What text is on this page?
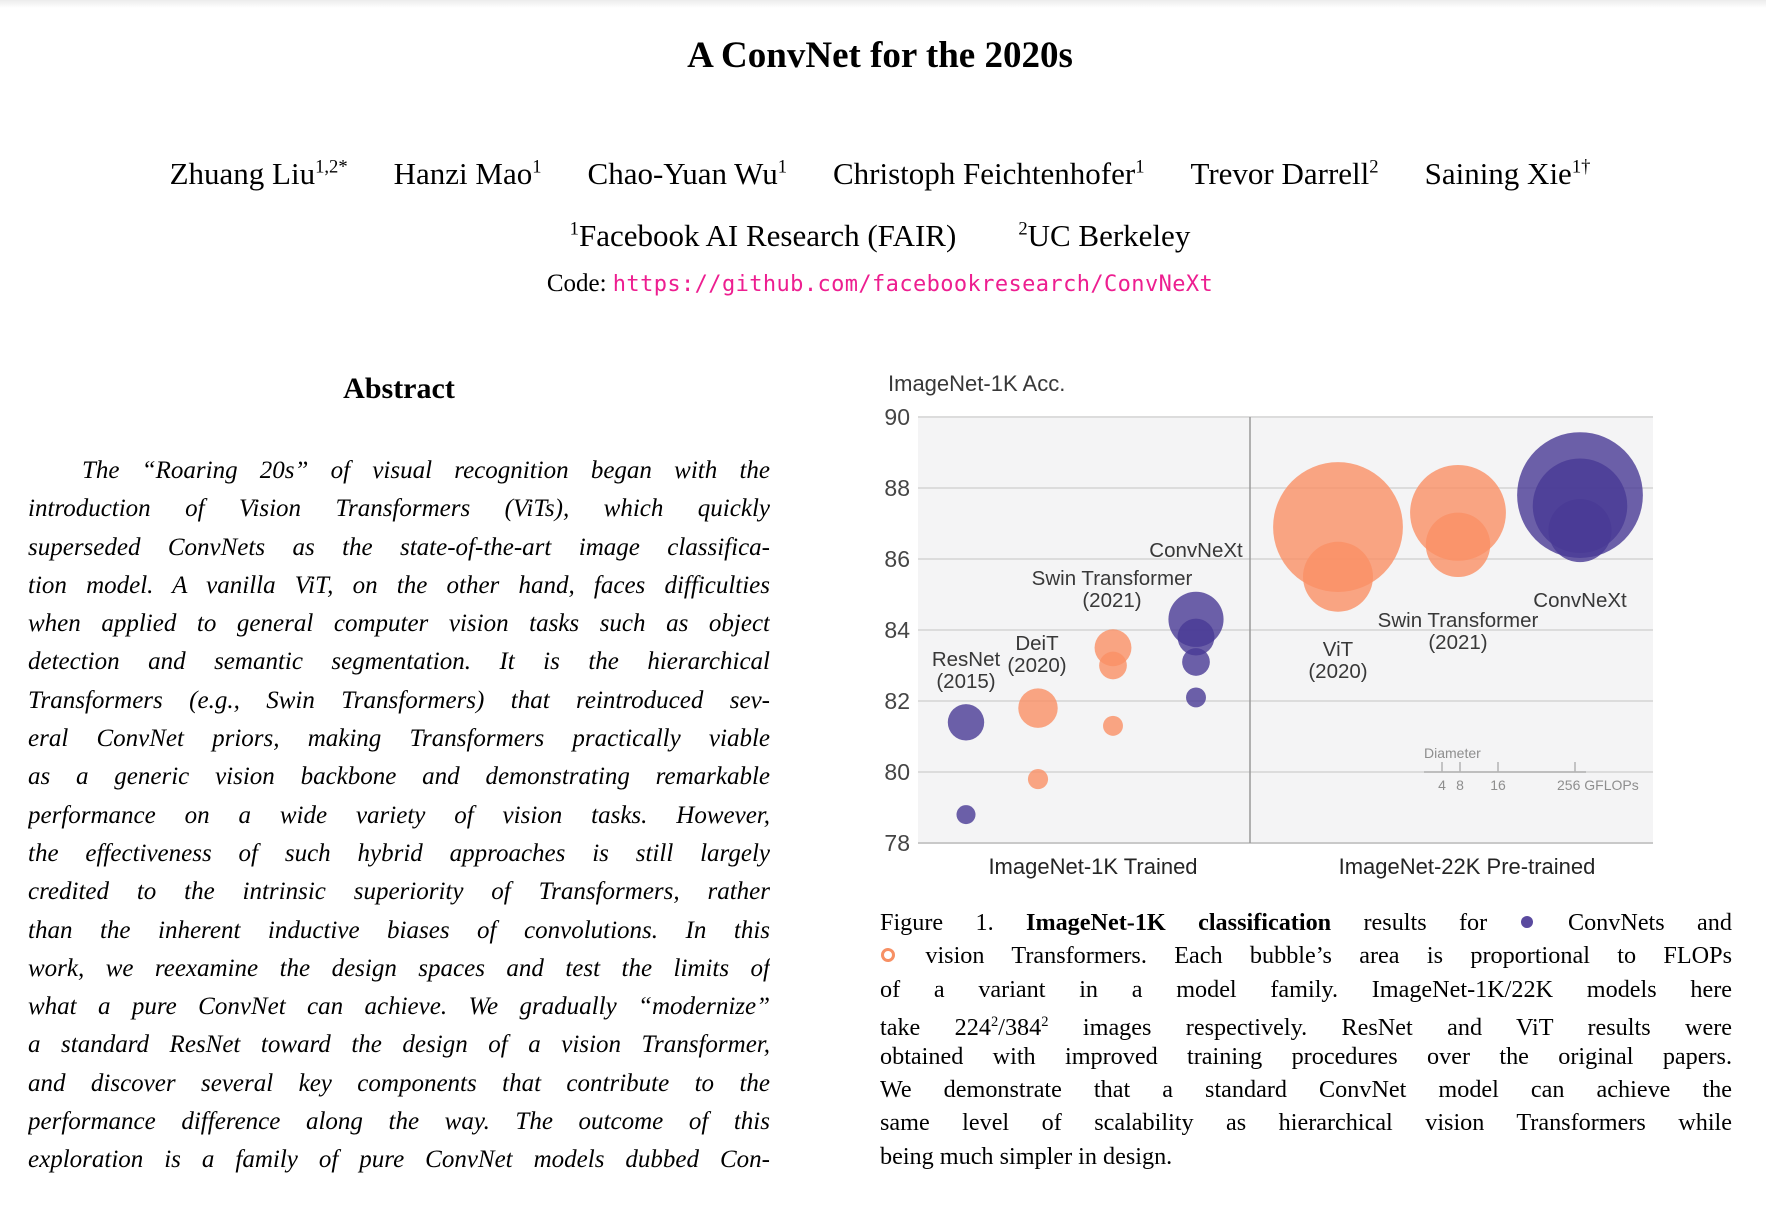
A ConvNet for the 2020s
Zhuang Liu$^{1,2*}$ Hanzi Mao$^1$ Chao-Yuan Wu$^1$ Christoph Feichtenhofer$^1$ Trevor Darrell$^2$ Saining Xie$^{1\dagger}$
$^1$Facebook AI Research (FAIR)	$^2$UC Berkeley
Code: https://github.com/facebookresearch/ConvNeXt
Abstract
The “Roaring 20s” of visual recognition began with the
introduction of Vision Transformers (ViTs), which quickly
superseded ConvNets as the state-of-the-art image classifica-
tion model. A vanilla ViT, on the other hand, faces difficulties
when applied to general computer vision tasks such as object
detection and semantic segmentation. It is the hierarchical
Transformers (e.g., Swin Transformers) that reintroduced sev-
eral ConvNet priors, making Transformers practically viable
as a generic vision backbone and demonstrating remarkable
performance on a wide variety of vision tasks. However,
the effectiveness of such hybrid approaches is still largely
credited to the intrinsic superiority of Transformers, rather
than the inherent inductive biases of convolutions. In this
work, we reexamine the design spaces and test the limits of
what a pure ConvNet can achieve. We gradually “modernize”
a standard ResNet toward the design of a vision Transformer,
and discover several key components that contribute to the
performance difference along the way. The outcome of this
exploration is a family of pure ConvNet models dubbed Con-
ImageNet-1K Acc.
78
80
82
84
86
88
90
ResNet
(2015)
DeiT
(2020)
Swin Transformer
(2021)
ConvNeXt
ViT
(2020)
Swin Transformer
(2021)
ConvNeXt
ImageNet-1K Trained	ImageNet-22K Pre-trained
Diameter
4 8 16	256 GFLOPs
Figure 1. ImageNet-1K classification results for  ConvNets and
vision Transformers. Each bubble’s area is proportional to FLOPs
of a variant in a model family. ImageNet-1K/22K models here
take $224^2/384^2$ images respectively. ResNet and ViT results were
obtained with improved training procedures over the original papers.
We demonstrate that a standard ConvNet model can achieve the
same level of scalability as hierarchical vision Transformers while
being much simpler in design.
